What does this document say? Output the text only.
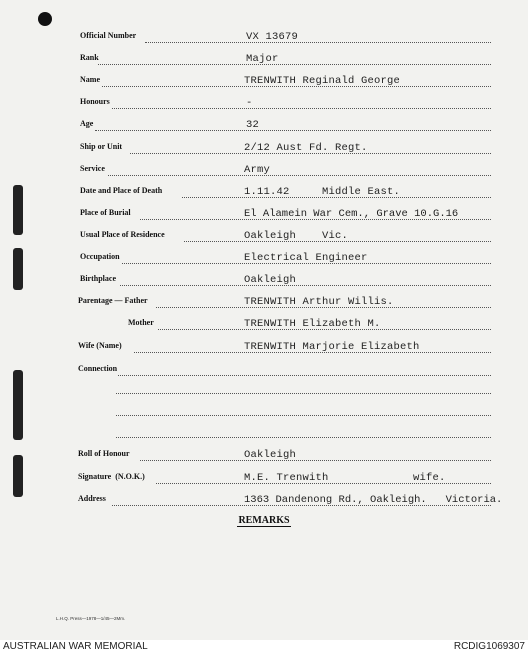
Official Number	VX 13679
Rank	Major
Name	TRENWITH Reginald George
Honours	-
Age	32
Ship or Unit	2/12 Aust Fd. Regt.
Service	Army
Date and Place of Death	1.11.42     Middle East.
Place of Burial	El Alamein War Cem., Grave 10.G.16
Usual Place of Residence	Oakleigh    Vic.
Occupation	Electrical Engineer
Birthplace	Oakleigh
Parentage — Father	TRENWITH Arthur Willis.
Mother	TRENWITH Elizabeth M.
Wife (Name)	TRENWITH Marjorie Elizabeth
Connection
Roll of Honour	Oakleigh
Signature  (N.O.K.)	M.E. Trenwith             wife.
Address	1363 Dandenong Rd., Oakleigh.   Victoria.
REMARKS
L.H.Q. Press—1978—1/45—2Mm.
AUSTRALIAN WAR MEMORIAL	RCDIG1069307
